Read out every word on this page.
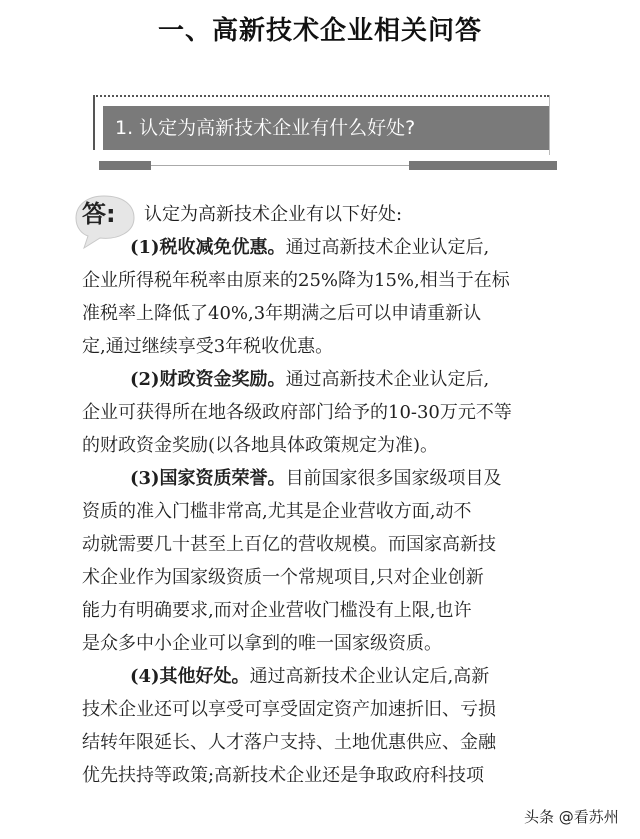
一、高新技术企业相关问答
1. 认定为高新技术企业有什么好处?
答:	认定为高新技术企业有以下好处:
(1)税收减免优惠。通过高新技术企业认定后,
企业所得税年税率由原来的25%降为15%,相当于在标
准税率上降低了40%,3年期满之后可以申请重新认
定,通过继续享受3年税收优惠。
(2)财政资金奖励。通过高新技术企业认定后,
企业可获得所在地各级政府部门给予的10-30万元不等
的财政资金奖励(以各地具体政策规定为准)。
(3)国家资质荣誉。目前国家很多国家级项目及
资质的准入门槛非常高,尤其是企业营收方面,动不
动就需要几十甚至上百亿的营收规模。而国家高新技
术企业作为国家级资质一个常规项目,只对企业创新
能力有明确要求,而对企业营收门槛没有上限,也许
是众多中小企业可以拿到的唯一国家级资质。
(4)其他好处。通过高新技术企业认定后,高新
技术企业还可以享受可享受固定资产加速折旧、亏损
结转年限延长、人才落户支持、土地优惠供应、金融
优先扶持等政策;高新技术企业还是争取政府科技项
头条 @看苏州
